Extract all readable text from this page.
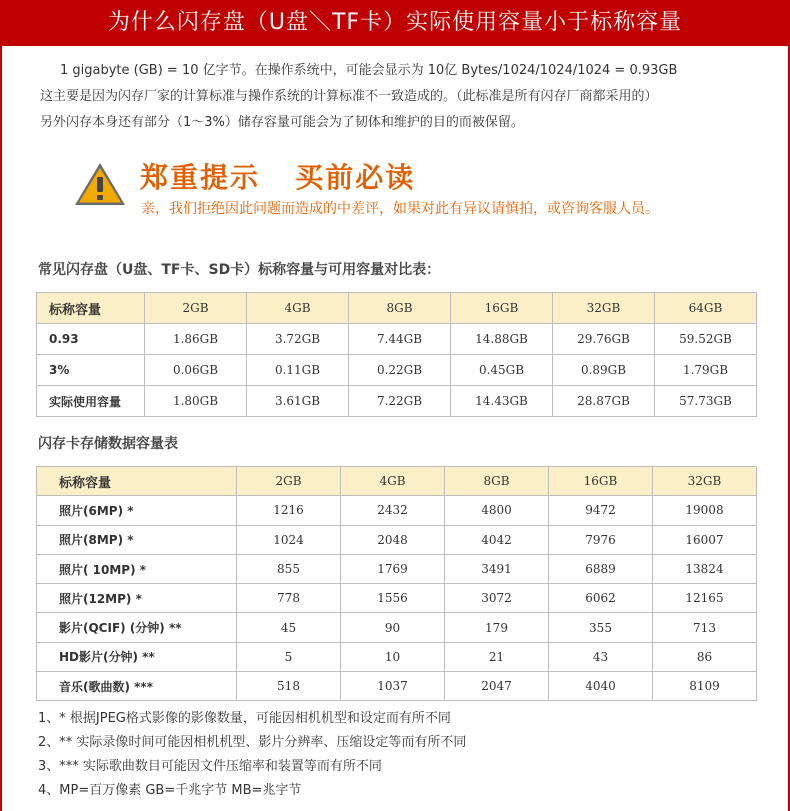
为什么闪存盘（U盘＼TF卡）实际使用容量小于标称容量
1 gigabyte (GB) = 10 亿字节。在操作系统中，可能会显示为 10亿 Bytes/1024/1024/1024 = 0.93GB
这主要是因为闪存厂家的计算标准与操作系统的计算标准不一致造成的。（此标准是所有闪存厂商都采用的）
另外闪存本身还有部分（1～3%）储存容量可能会为了韧体和维护的目的而被保留。
郑重提示   买前必读
亲，我们拒绝因此问题而造成的中差评，如果对此有异议请慎拍，或咨询客服人员。
常见闪存盘（U盘、TF卡、SD卡）标称容量与可用容量对比表：
标称容量	2GB	4GB	8GB	16GB	32GB	64GB
0.93	1.86GB	3.72GB	7.44GB	14.88GB	29.76GB	59.52GB
3%	0.06GB	0.11GB	0.22GB	0.45GB	0.89GB	1.79GB
实际使用容量	1.80GB	3.61GB	7.22GB	14.43GB	28.87GB	57.73GB
闪存卡存储数据容量表
标称容量	2GB	4GB	8GB	16GB	32GB
照片(6MP) *	1216	2432	4800	9472	19008
照片(8MP) *	1024	2048	4042	7976	16007
照片( 10MP) *	855	1769	3491	6889	13824
照片(12MP) *	778	1556	3072	6062	12165
影片(QCIF) (分钟) **	45	90	179	355	713
HD影片(分钟) **	5	10	21	43	86
音乐(歌曲数) ***	518	1037	2047	4040	8109
1、* 根据JPEG格式影像的影像数量，可能因相机机型和设定而有所不同
2、** 实际录像时间可能因相机机型、影片分辨率、压缩设定等而有所不同
3、*** 实际歌曲数目可能因文件压缩率和装置等而有所不同
4、MP=百万像素 GB=千兆字节 MB=兆字节
